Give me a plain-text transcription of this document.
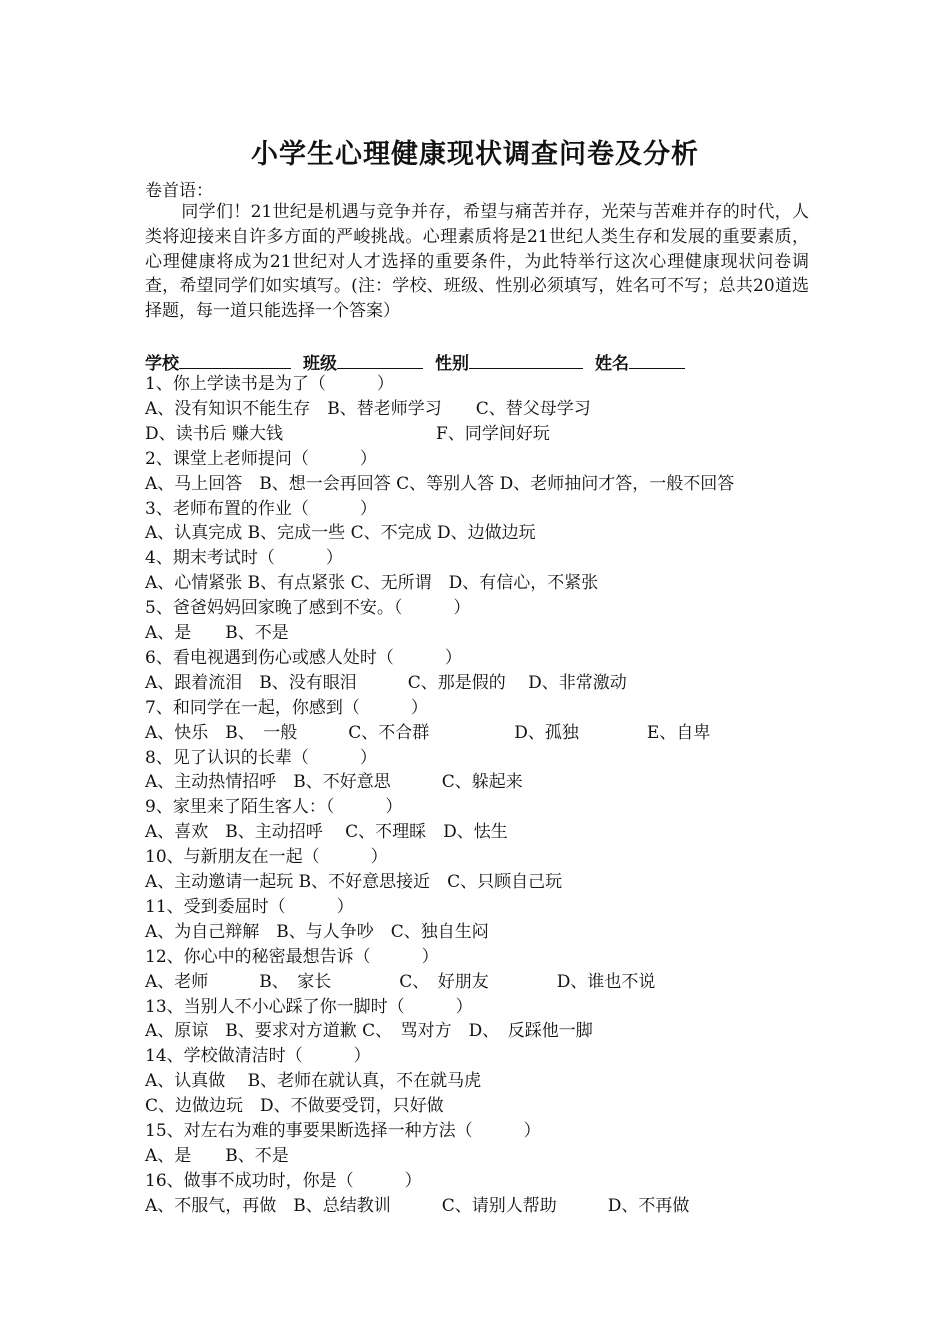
小学生心理健康现状调查问卷及分析
卷首语：
同学们！21世纪是机遇与竞争并存，希望与痛苦并存，光荣与苦难并存的时代，人类将迎接来自许多方面的严峻挑战。心理素质将是21世纪人类生存和发展的重要素质，心理健康将成为21世纪对人才选择的重要条件，为此特举行这次心理健康现状问卷调查，希望同学们如实填写。(注：学校、班级、性别必须填写，姓名可不写；总共20道选择题，每一道只能选择一个答案）
学校	班级	性别	姓名
1、你上学读书是为了（　　　）
A、没有知识不能生存　B、替老师学习　　C、替父母学习
D、读书后 赚大钱　　　　　　　　　F、同学间好玩
2、课堂上老师提问（　　　）
A、马上回答　B、想一会再回答 C、等别人答 D、老师抽问才答，一般不回答
3、老师布置的作业（　　　）
A、认真完成 B、完成一些 C、不完成 D、边做边玩
4、期末考试时（　　　）
A、心情紧张 B、有点紧张 C、无所谓　D、有信心，不紧张
5、爸爸妈妈回家晚了感到不安。（　　　）
A、是　　B、不是
6、看电视遇到伤心或感人处时（　　　）
A、跟着流泪　B、没有眼泪　　　C、那是假的　 D、非常激动
7、和同学在一起，你感到（　　　）
A、快乐　B、　一般　　　C、不合群　　　　　D、孤独　　　　E、自卑
8、见了认识的长辈（　　　）
A、主动热情招呼　B、不好意思　　　C、躲起来
9、家里来了陌生客人：（　　　）
A、喜欢　B、主动招呼　 C、不理睬　D、怯生
10、与新朋友在一起（　　　）
A、主动邀请一起玩 B、不好意思接近　C、只顾自己玩
11、受到委屈时（　　　）
A、为自己辩解　B、与人争吵　C、独自生闷
12、你心中的秘密最想告诉（　　　）
A、老师　　　B、　家长　　　　C、　好朋友　　　　D、谁也不说
13、当别人不小心踩了你一脚时（　　　）
A、原谅　B、要求对方道歉 C、　骂对方　D、　反踩他一脚
14、学校做清洁时（　　　）
A、认真做　 B、老师在就认真，不在就马虎
C、边做边玩　D、不做要受罚，只好做
15、对左右为难的事要果断选择一种方法（　　　）
A、是　　B、不是
16、做事不成功时，你是（　　　）
A、不服气，再做　B、总结教训　　　C、请别人帮助　　　D、不再做
